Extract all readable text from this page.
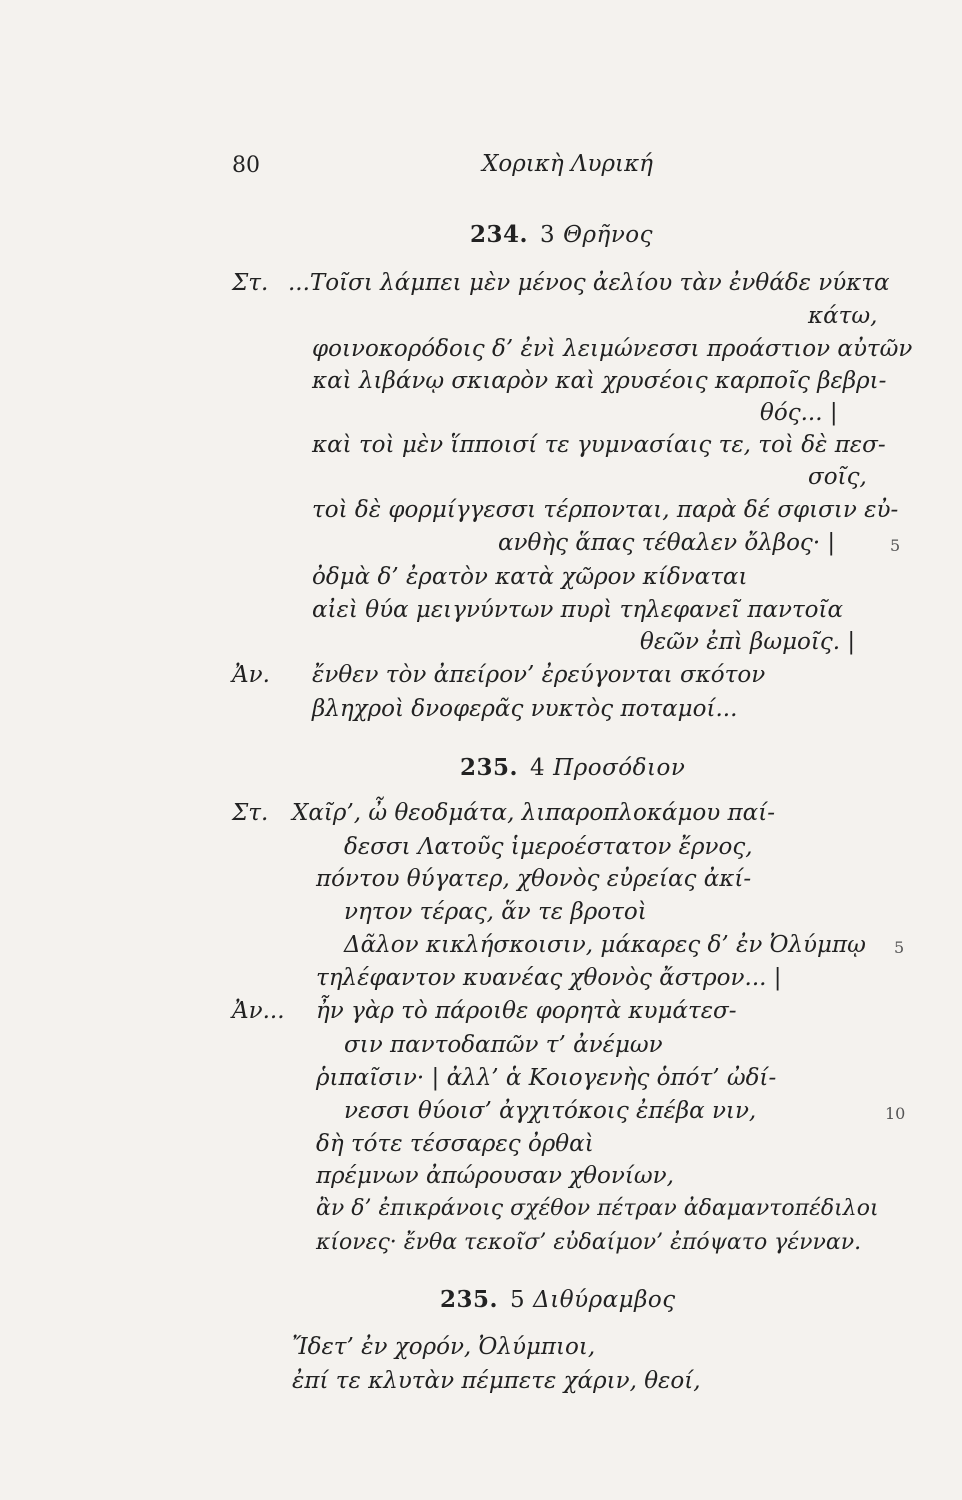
80	Χορικὴ Λυρική
234. 3 Θρῆνος
Στ. ...Τοῖσι λάμπει μὲν μένος ἀελίου τὰν ἐνθάδε νύκτα
κάτω,
φοινοκορόδοις δ’ ἐνὶ λειμώνεσσι προάστιον αὐτῶν
καὶ λιβάνῳ σκιαρὸν καὶ χρυσέοις καρποῖς βεβρι-
θός... |
καὶ τοὶ μὲν ἵπποισί τε γυμνασίαις τε, τοὶ δὲ πεσ-
σοῖς,
τοὶ δὲ φορμίγγεσσι τέρπονται, παρὰ δέ σφισιν εὐ-
ανθὴς ἅπας τέθαλεν ὄλβος· |	5
ὀδμὰ δ’ ἐρατὸν κατὰ χῶρον κίδναται
αἰεὶ θύα μειγνύντων πυρὶ τηλεφανεῖ παντοῖα
θεῶν ἐπὶ βωμοῖς. |
Ἀν. ἔνθεν τὸν ἀπείρον’ ἐρεύγονται σκότον
βληχροὶ δνοφερᾶς νυκτὸς ποταμοί...
235. 4 Προσόδιον
Στ. Χαῖρ’, ὦ θεοδμάτα, λιπαροπλοκάμου παί-
δεσσι Λατοῦς ἱμεροέστατον ἔρνος,
πόντου θύγατερ, χθονὸς εὐρείας ἀκί-
νητον τέρας, ἅν τε βροτοὶ
Δᾶλον κικλήσκοισιν, μάκαρες δ’ ἐν Ὀλύμπῳ 5
τηλέφαντον κυανέας χθονὸς ἄστρον... |
Ἀν... ἦν γὰρ τὸ πάροιθε φορητὰ κυμάτεσ-
σιν παντοδαπῶν τ’ ἀνέμων
ῥιπαῖσιν· | ἀλλ’ ἁ Κοιογενὴς ὁπότ’ ὠδί-
νεσσι θύοισ’ ἀγχιτόκοις ἐπέβα νιν,	10
δὴ τότε τέσσαρες ὀρθαὶ
πρέμνων ἀπώρουσαν χθονίων,
ἂν δ’ ἐπικράνοις σχέθον πέτραν ἀδαμαντοπέδιλοι
κίονες· ἔνθα τεκοῖσ’ εὐδαίμον’ ἐπόψατο γένναν.
235. 5 Διθύραμβος
Ἴδετ’ ἐν χορόν, Ὀλύμπιοι,
ἐπί τε κλυτὰν πέμπετε χάριν, θεοί,
